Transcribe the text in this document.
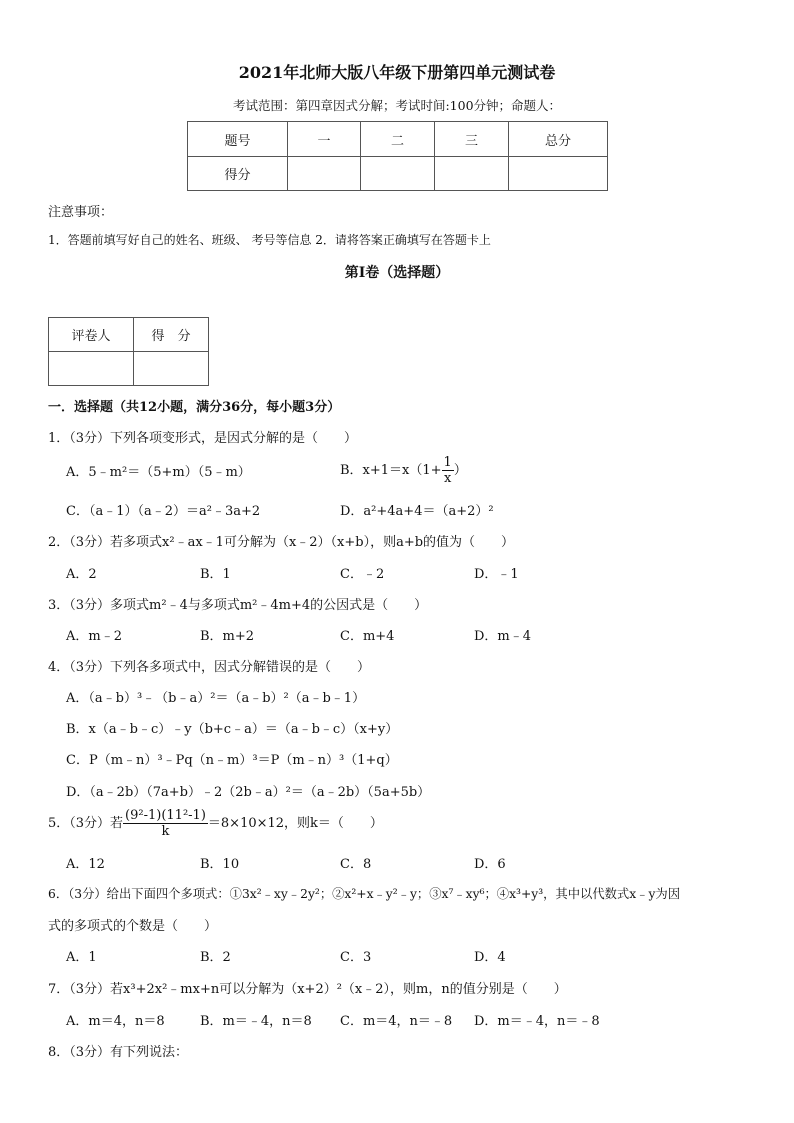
2021年北师大版八年级下册第四单元测试卷
考试范围：第四章因式分解；考试时间:100分钟；命题人：
题号	一	二	三	总分
得分				
注意事项：
1．答题前填写好自己的姓名、班级、 考号等信息 2．请将答案正确填写在答题卡上
第Ⅰ卷（选择题）
评卷人	得　分

一．选择题（共12小题，满分36分，每小题3分）
1．（3分）下列各项变形式，是因式分解的是（　　）
A．5﹣m²＝（5+m）（5﹣m）	B．$x+1=x(1+ \frac{1}{x}$ ）
C．（a﹣1）（a﹣2）＝a²﹣3a+2	D．a²+4a+4＝（a+2）²
2．（3分）若多项式x²﹣ax﹣1可分解为（x﹣2）（x+b），则a+b的值为（　　）
A．2	B．1	C．﹣2	D．﹣1
3．（3分）多项式m²﹣4与多项式m²﹣4m+4的公因式是（　　）
A．m﹣2	B．m+2	C．m+4	D．m﹣4
4．（3分）下列各多项式中，因式分解错误的是（　　）
A．（a﹣b）³﹣（b﹣a）²＝（a﹣b）²（a﹣b﹣1）
B．x（a﹣b﹣c）﹣y（b+c﹣a）＝（a﹣b﹣c）（x+y）
C．P（m﹣n）³﹣Pq（n﹣m）³＝P（m﹣n）³（1+q）
D．（a﹣2b）（7a+b）﹣2（2b﹣a）²＝（a﹣2b）（5a+5b）
5．（3分）若 $\frac{\text{(9²-1)(11²-1)}}{k} =8\times 10\times 12$，则k＝（　　）
A．12	B．10	C．8	D．6
6．（3分）给出下面四个多项式：①3x²﹣xy﹣2y²；②x²+x﹣y²﹣y；③x⁷﹣xy⁶；④x³+y³，其中以代数式x﹣y为因
式的多项式的个数是（　　）
A．1	B．2	C．3	D．4
7．（3分）若x³+2x²﹣mx+n可以分解为（x+2）²（x﹣2），则m，n的值分别是（　　）
A．m＝4，n＝8	B．m＝﹣4，n＝8 C．m＝4，n＝﹣8 D．m＝﹣4，n＝﹣8
8．（3分）有下列说法：
